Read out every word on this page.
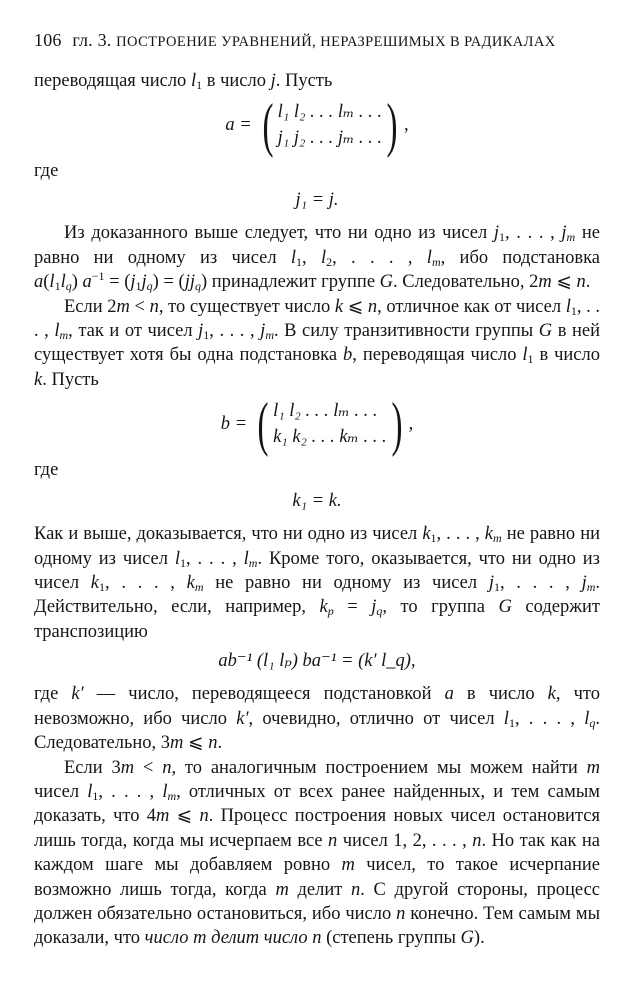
106 гл. 3. ПОСТРОЕНИЕ УРАВНЕНИЙ, НЕРАЗРЕШИМЫХ В РАДИКАЛАХ

переводящая число $l_1$ в число j. Пусть

a = ( l₁ l₂ . . . lₘ . . .
j₁ j₂ . . . jₘ . . . ) ,

где

j₁ = j.

Из доказанного выше следует, что ни одно из чисел $j_1$, . . . , $j_m$ не равно ни одному из чисел $l_1$, $l_2$, . . . , $l_m$, ибо подстановка $a(l_1l_q) a^{-1} = (j_1j_q) = (jj_q)$ принадлежит группе G. Следовательно, 2m ⩽ n.

Если 2m < n, то существует число k ⩽ n, отличное как от чисел $l_1$, . . . , $l_m$, так и от чисел $j_1$, . . . , $j_m$. В силу транзитивности группы G в ней существует хотя бы одна подстановка b, переводящая число $l_1$ в число k. Пусть

b = ( l₁ l₂ . . . lₘ . . .
k₁ k₂ . . . kₘ . . . ) ,

где

k₁ = k.

Как и выше, доказывается, что ни одно из чисел $k_1$, . . . , $k_m$ не равно ни одному из чисел $l_1$, . . . , $l_m$. Кроме того, оказывается, что ни одно из чисел $k_1$, . . . , $k_m$ не равно ни одному из чисел $j_1$, . . . , $j_m$. Действительно, если, например, $k_p = j_q$, то группа G содержит транспозицию

ab⁻¹ (l₁ lₚ) ba⁻¹ = (k′ l_q),

где k′ — число, переводящееся подстановкой a в число k, что невозможно, ибо число k′, очевидно, отлично от чисел $l_1$, . . . , $l_q$. Следовательно, 3m ⩽ n.

Если 3m < n, то аналогичным построением мы можем найти m чисел $l_1$, . . . , $l_m$, отличных от всех ранее найденных, и тем самым доказать, что 4m ⩽ n. Процесс построения новых чисел остановится лишь тогда, когда мы исчерпаем все n чисел 1, 2, . . . , n. Но так как на каждом шаге мы добавляем ровно m чисел, то такое исчерпание возможно лишь тогда, когда m делит n. С другой стороны, процесс должен обязательно остановиться, ибо число n конечно. Тем самым мы доказали, что число m делит число n (степень группы G).
